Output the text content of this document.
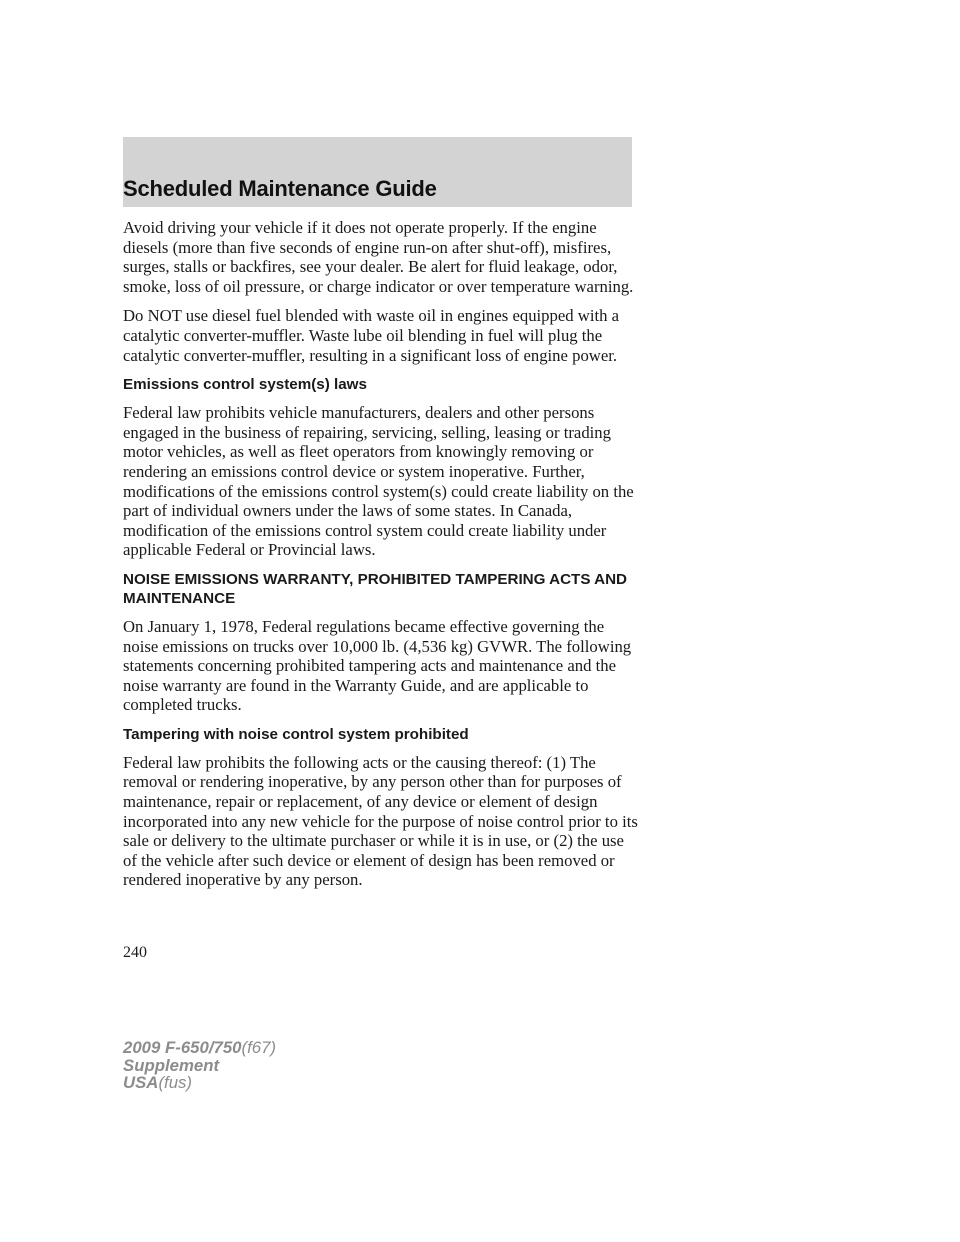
Scheduled Maintenance Guide

Avoid driving your vehicle if it does not operate properly. If the engine diesels (more than five seconds of engine run-on after shut-off), misfires, surges, stalls or backfires, see your dealer. Be alert for fluid leakage, odor, smoke, loss of oil pressure, or charge indicator or over temperature warning.

Do NOT use diesel fuel blended with waste oil in engines equipped with a catalytic converter-muffler. Waste lube oil blending in fuel will plug the catalytic converter-muffler, resulting in a significant loss of engine power.

Emissions control system(s) laws

Federal law prohibits vehicle manufacturers, dealers and other persons engaged in the business of repairing, servicing, selling, leasing or trading motor vehicles, as well as fleet operators from knowingly removing or rendering an emissions control device or system inoperative. Further, modifications of the emissions control system(s) could create liability on the part of individual owners under the laws of some states. In Canada, modification of the emissions control system could create liability under applicable Federal or Provincial laws.

NOISE EMISSIONS WARRANTY, PROHIBITED TAMPERING ACTS AND MAINTENANCE

On January 1, 1978, Federal regulations became effective governing the noise emissions on trucks over 10,000 lb. (4,536 kg) GVWR. The following statements concerning prohibited tampering acts and maintenance and the noise warranty are found in the Warranty Guide, and are applicable to completed trucks.

Tampering with noise control system prohibited

Federal law prohibits the following acts or the causing thereof: (1) The removal or rendering inoperative, by any person other than for purposes of maintenance, repair or replacement, of any device or element of design incorporated into any new vehicle for the purpose of noise control prior to its sale or delivery to the ultimate purchaser or while it is in use, or (2) the use of the vehicle after such device or element of design has been removed or rendered inoperative by any person.

240
2009 F-650/750(f67)
Supplement
USA(fus)
